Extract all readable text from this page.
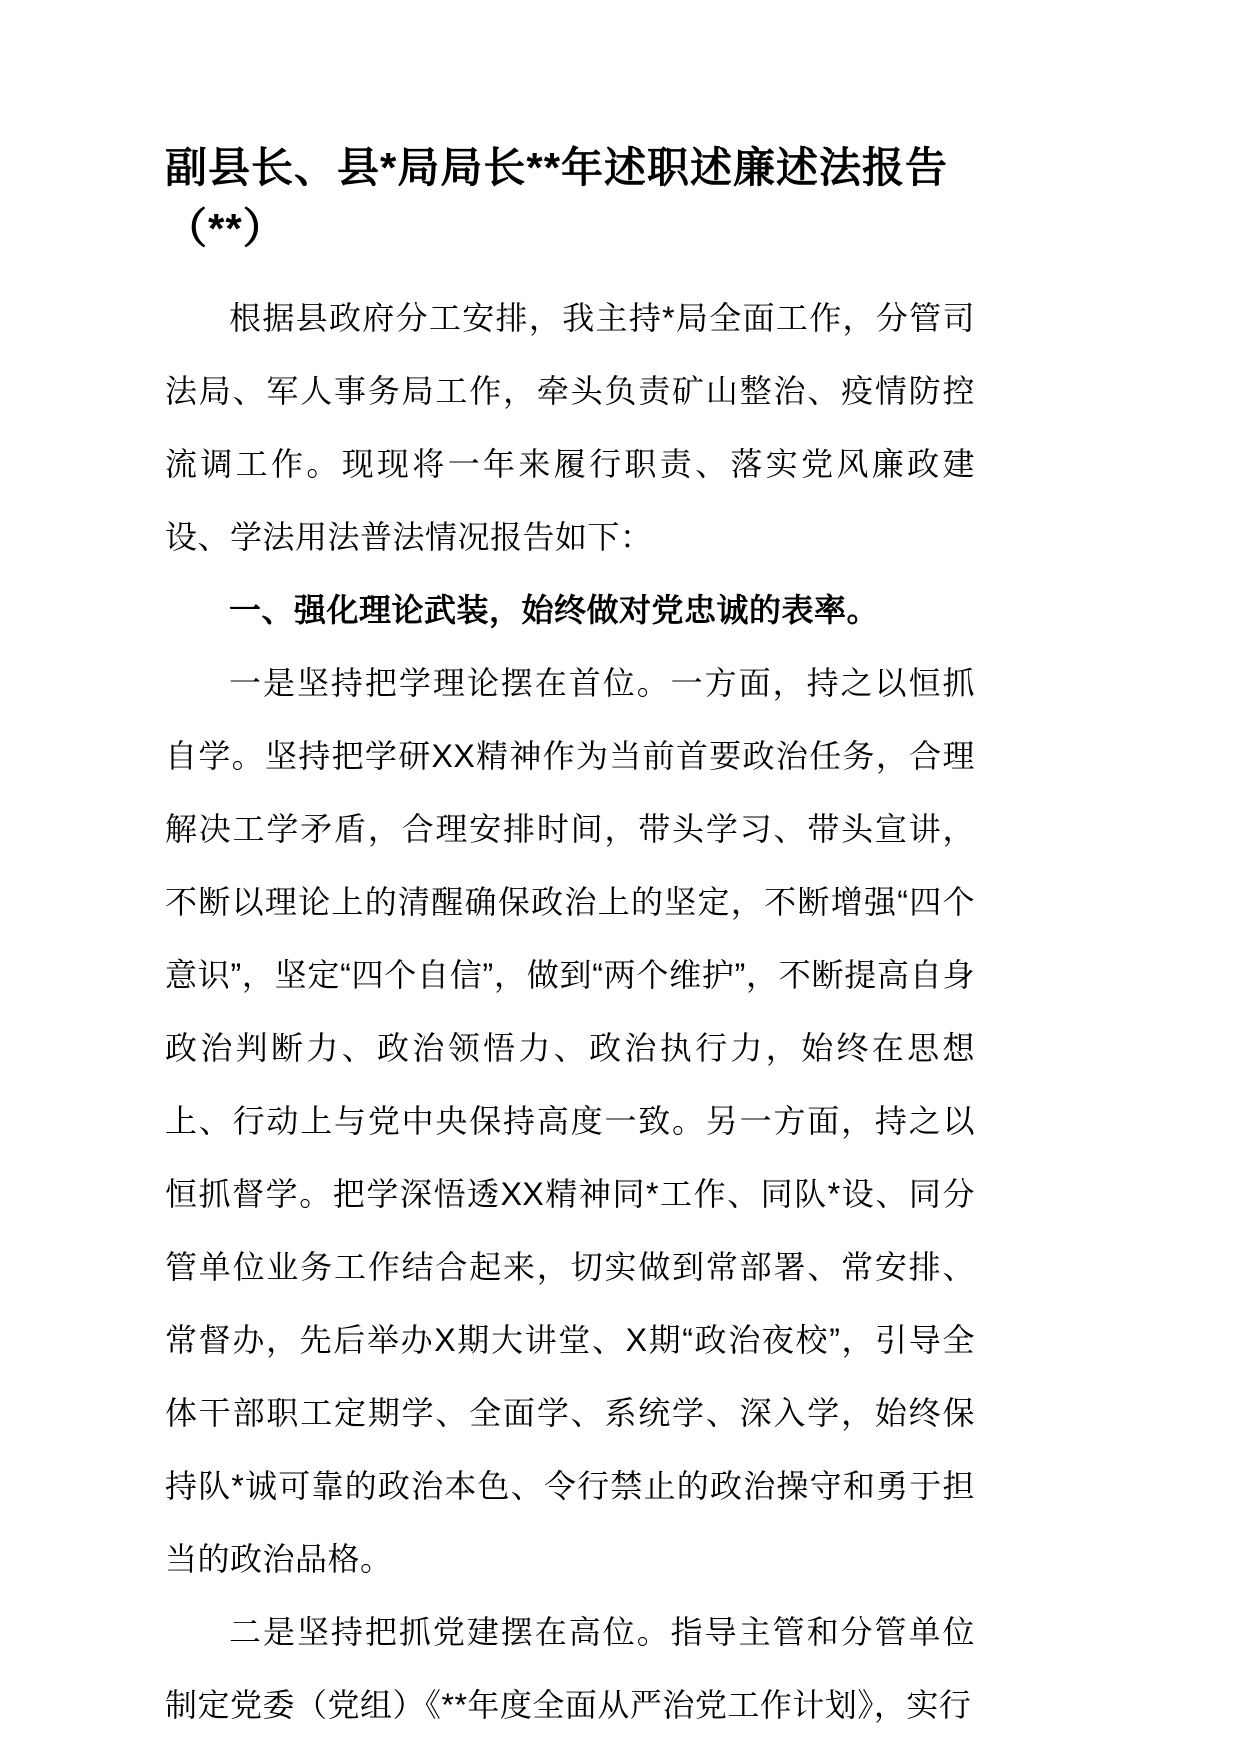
副县长、县*局局长**年述职述廉述法报告（**）

根据县政府分工安排，我主持*局全面工作，分管司法局、军人事务局工作，牵头负责矿山整治、疫情防控流调工作。现现将一年来履行职责、落实党风廉政建设、学法用法普法情况报告如下：

一、强化理论武装，始终做对党忠诚的表率。

一是坚持把学理论摆在首位。一方面，持之以恒抓自学。坚持把学研XX精神作为当前首要政治任务，合理解决工学矛盾，合理安排时间，带头学习、带头宣讲，不断以理论上的清醒确保政治上的坚定，不断增强“四个意识”，坚定“四个自信”，做到“两个维护”，不断提高自身政治判断力、政治领悟力、政治执行力，始终在思想上、行动上与党中央保持高度一致。另一方面，持之以恒抓督学。把学深悟透XX精神同*工作、同队*设、同分管单位业务工作结合起来，切实做到常部署、常安排、常督办，先后举办X期大讲堂、X期“政治夜校”，引导全体干部职工定期学、全面学、系统学、深入学，始终保持队*诚可靠的政治本色、令行禁止的政治操守和勇于担当的政治品格。

二是坚持把抓党建摆在高位。指导主管和分管单位制定党委（党组）《**年度全面从严治党工作计划》，实行
